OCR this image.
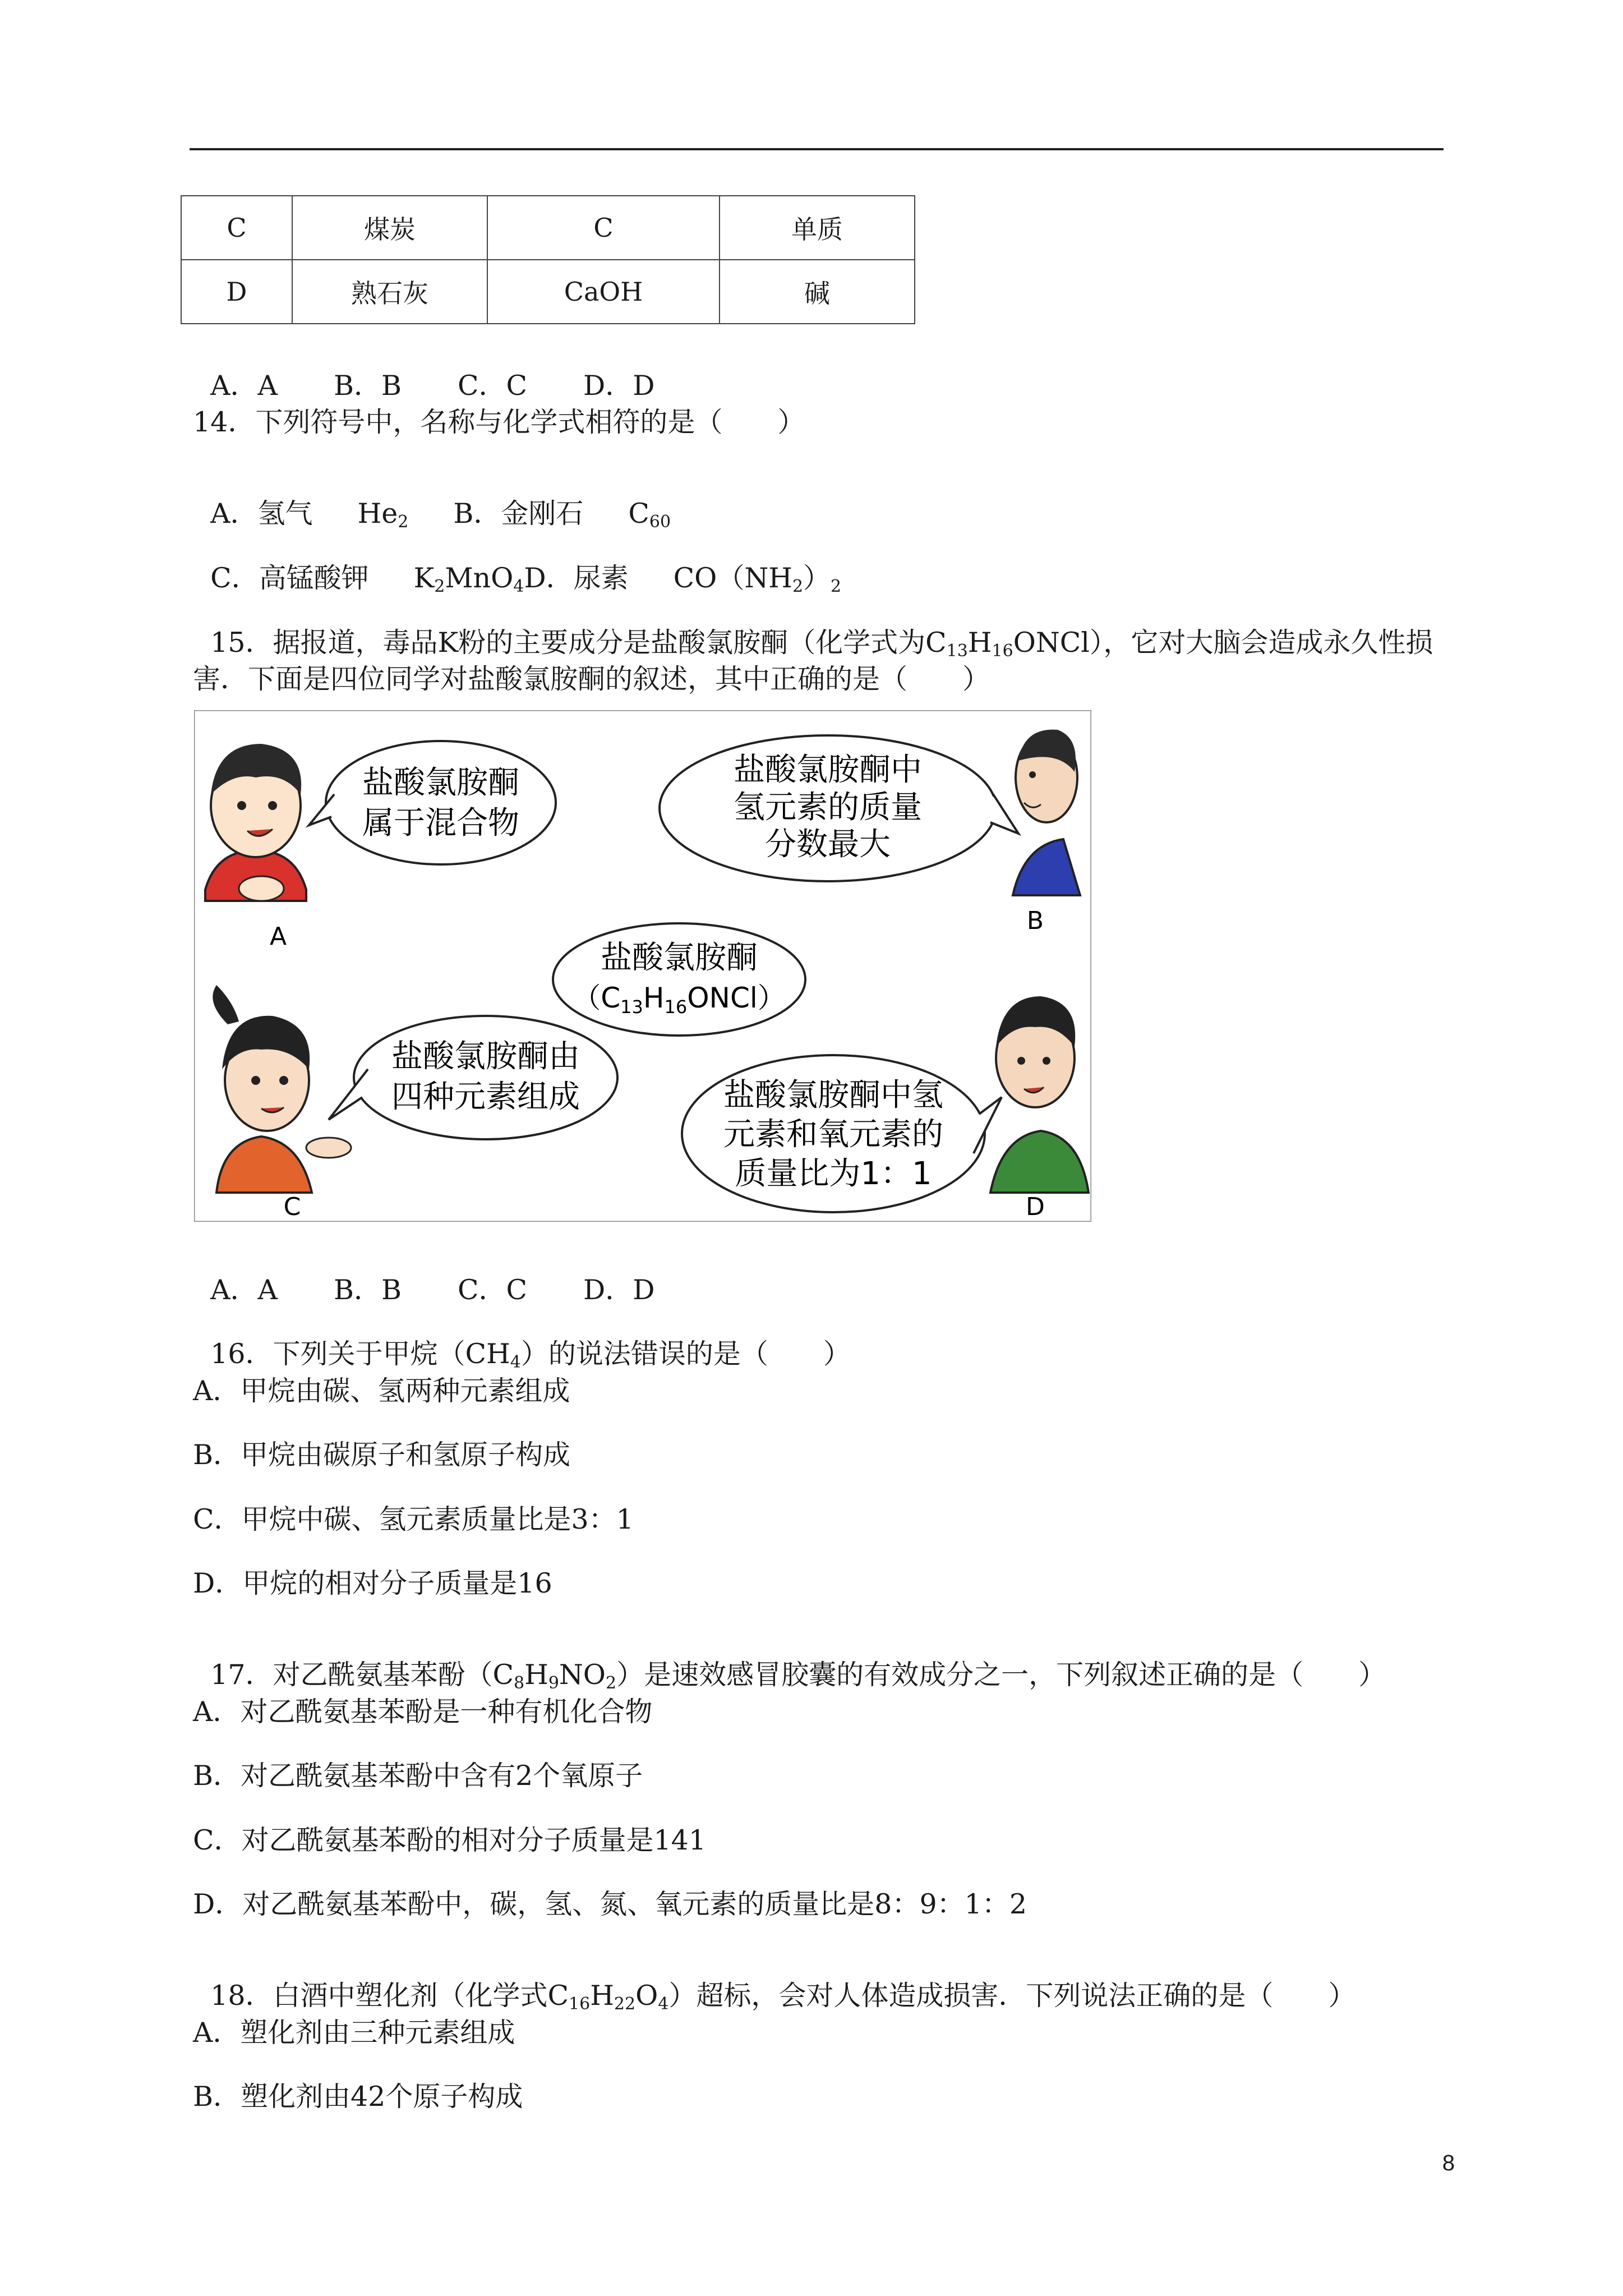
C	煤炭	C	单质
D	熟石灰	CaOH	碱

A．A B．B C．C D．D

14．下列符号中，名称与化学式相符的是（　　）

A．氢气 $He_2$ B．金刚石 $C_{60}$

C．高锰酸钾 $K_2MnO_4D$．尿素 $CO(NH_2)_2$

15．据报道，毒品K粉的主要成分是盐酸氯胺酮（化学式为$C_{13}H_{16}ONCl$），它对大脑会造成永久性损

害．下面是四位同学对盐酸氯胺酮的叙述，其中正确的是（　　）
盐酸氯胺酮
属于混合物
A
盐酸氯胺酮中
氢元素的质量
分数最大
B
盐酸氯胺酮
$(C_{13}H_{16}ONCl)$
盐酸氯胺酮由
四种元素组成
C
盐酸氯胺酮中氢
元素和氧元素的
质量比为1：1
D

A．A B．B C．C D．D

16．下列关于甲烷$(CH_4)$的说法错误的是（　　）

A．甲烷由碳、氢两种元素组成
B．甲烷由碳原子和氢原子构成
C．甲烷中碳、氢元素质量比是3：1
D．甲烷的相对分子质量是16

17．对乙酰氨基苯酚$(C_8H_9NO_2)$是速效感冒胶囊的有效成分之一，下列叙述正确的是（　　）

A．对乙酰氨基苯酚是一种有机化合物
B．对乙酰氨基苯酚中含有2个氧原子
C．对乙酰氨基苯酚的相对分子质量是141
D．对乙酰氨基苯酚中，碳，氢、氮、氧元素的质量比是8：9：1：2

18．白酒中塑化剂（化学式$C_{16}H_{22}O_4$）超标，会对人体造成损害．下列说法正确的是（　　）

A．塑化剂由三种元素组成
B．塑化剂由42个原子构成
8
